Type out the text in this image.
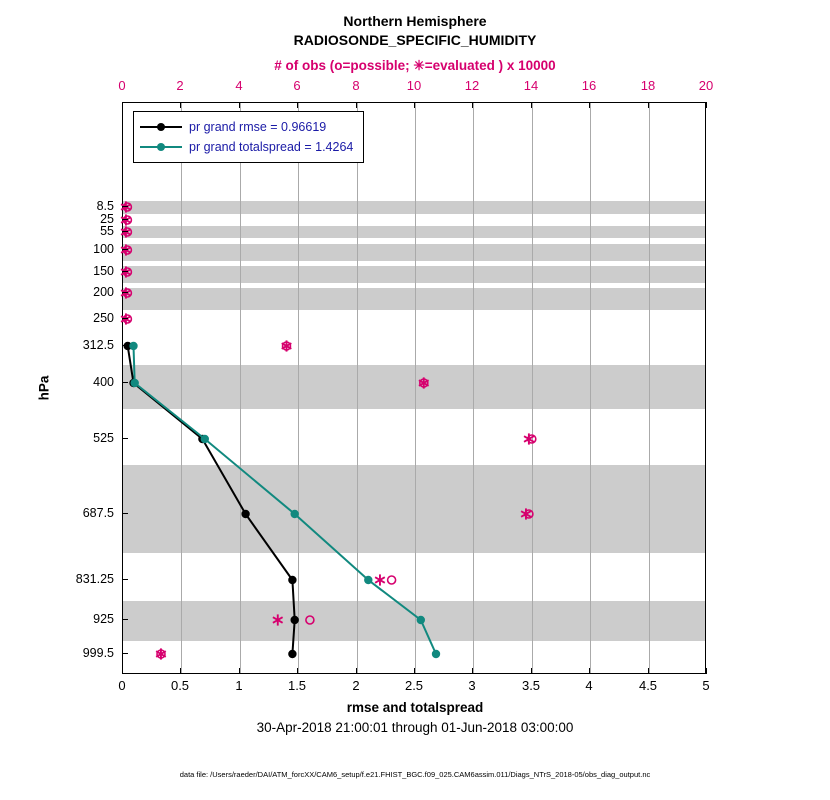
Northern Hemisphere
RADIOSONDE_SPECIFIC_HUMIDITY
# of obs (o=possible; ✳=evaluated ) x 10000
hPa
pr grand rmse = 0.96619
pr grand totalspread = 1.4264
0	2	4	6	8	10	12	14	16	18	20
0	0.5	1	1.5	2	2.5	3	3.5	4	4.5	5
8.5
25
55
100
150
200
250
312.5
400
525
687.5
831.25
925
999.5
rmse and totalspread
30-Apr-2018 21:00:01 through 01-Jun-2018 03:00:00
data file: /Users/raeder/DAI/ATM_forcXX/CAM6_setup/f.e21.FHIST_BGC.f09_025.CAM6assim.011/Diags_NTrS_2018-05/obs_diag_output.nc
